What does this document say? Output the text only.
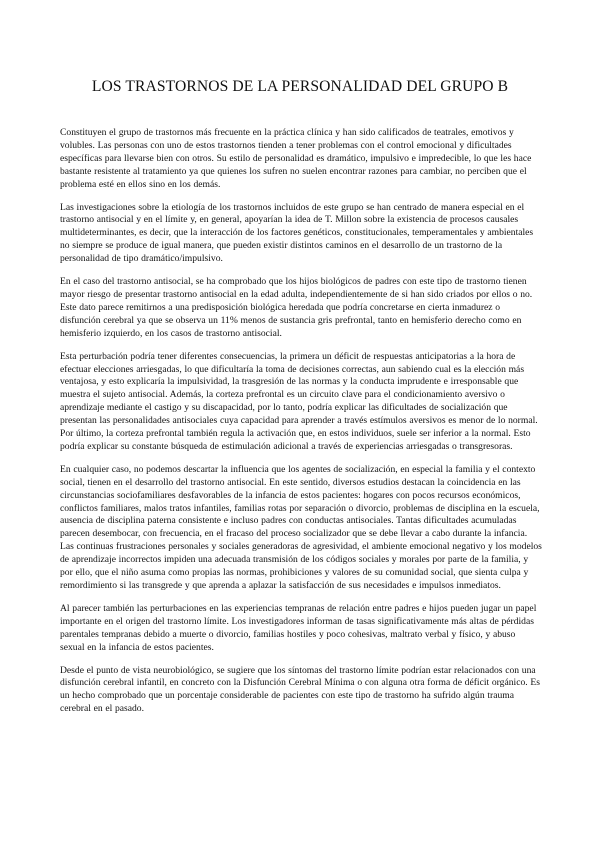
LOS TRASTORNOS DE LA PERSONALIDAD DEL GRUPO B

Constituyen el grupo de trastornos más frecuente en la práctica clínica y han sido calificados de teatrales, emotivos y volubles. Las personas con uno de estos trastornos tienden a tener problemas con el control emocional y dificultades específicas para llevarse bien con otros. Su estilo de personalidad es dramático, impulsivo e impredecible, lo que les hace bastante resistente al tratamiento ya que quienes los sufren no suelen encontrar razones para cambiar, no perciben que el problema esté en ellos sino en los demás.

Las investigaciones sobre la etiología de los trastornos incluidos de este grupo se han centrado de manera especial en el trastorno antisocial y en el límite y, en general, apoyarían la idea de T. Millon sobre la existencia de procesos causales multideterminantes, es decir, que la interacción de los factores genéticos, constitucionales, temperamentales y ambientales no siempre se produce de igual manera, que pueden existir distintos caminos en el desarrollo de un trastorno de la personalidad de tipo dramático/impulsivo.

En el caso del trastorno antisocial, se ha comprobado que los hijos biológicos de padres con este tipo de trastorno tienen mayor riesgo de presentar trastorno antisocial en la edad adulta, independientemente de si han sido criados por ellos o no. Este dato parece remitirnos a una predisposición biológica heredada que podría concretarse en cierta inmadurez o disfunción cerebral ya que se observa un 11% menos de sustancia gris prefrontal, tanto en hemisferio derecho como en hemisferio izquierdo, en los casos de trastorno antisocial.

Esta perturbación podría tener diferentes consecuencias, la primera un déficit de respuestas anticipatorias a la hora de efectuar elecciones arriesgadas, lo que dificultaría la toma de decisiones correctas, aun sabiendo cual es la elección más ventajosa, y esto explicaría la impulsividad, la trasgresión de las normas y la conducta imprudente e irresponsable que muestra el sujeto antisocial. Además, la corteza prefrontal es un circuito clave para el condicionamiento aversivo o aprendizaje mediante el castigo y su discapacidad, por lo tanto, podría explicar las dificultades de socialización que presentan las personalidades antisociales cuya capacidad para aprender a través estímulos aversivos es menor de lo normal. Por último, la corteza prefrontal también regula la activación que, en estos individuos, suele ser inferior a la normal. Esto podría explicar su constante búsqueda de estimulación adicional a través de experiencias arriesgadas o transgresoras.

En cualquier caso, no podemos descartar la influencia que los agentes de socialización, en especial la familia y el contexto social, tienen en el desarrollo del trastorno antisocial. En este sentido, diversos estudios destacan la coincidencia en las circunstancias sociofamiliares desfavorables de la infancia de estos pacientes: hogares con pocos recursos económicos, conflictos familiares, malos tratos infantiles, familias rotas por separación o divorcio, problemas de disciplina en la escuela, ausencia de disciplina paterna consistente e incluso padres con conductas antisociales. Tantas dificultades acumuladas parecen desembocar, con frecuencia, en el fracaso del proceso socializador que se debe llevar a cabo durante la infancia. Las continuas frustraciones personales y sociales generadoras de agresividad, el ambiente emocional negativo y los modelos de aprendizaje incorrectos impiden una adecuada transmisión de los códigos sociales y morales por parte de la familia, y por ello, que el niño asuma como propias las normas, prohibiciones y valores de su comunidad social, que sienta culpa y remordimiento si las transgrede y que aprenda a aplazar la satisfacción de sus necesidades e impulsos inmediatos.

Al parecer también las perturbaciones en las experiencias tempranas de relación entre padres e hijos pueden jugar un papel importante en el origen del trastorno límite. Los investigadores informan de tasas significativamente más altas de pérdidas parentales tempranas debido a muerte o divorcio, familias hostiles y poco cohesivas, maltrato verbal y físico, y abuso sexual en la infancia de estos pacientes.

Desde el punto de vista neurobiológico, se sugiere que los síntomas del trastorno límite podrían estar relacionados con una disfunción cerebral infantil, en concreto con la Disfunción Cerebral Mínima o con alguna otra forma de déficit orgánico. Es un hecho comprobado que un porcentaje considerable de pacientes con este tipo de trastorno ha sufrido algún trauma cerebral en el pasado.
